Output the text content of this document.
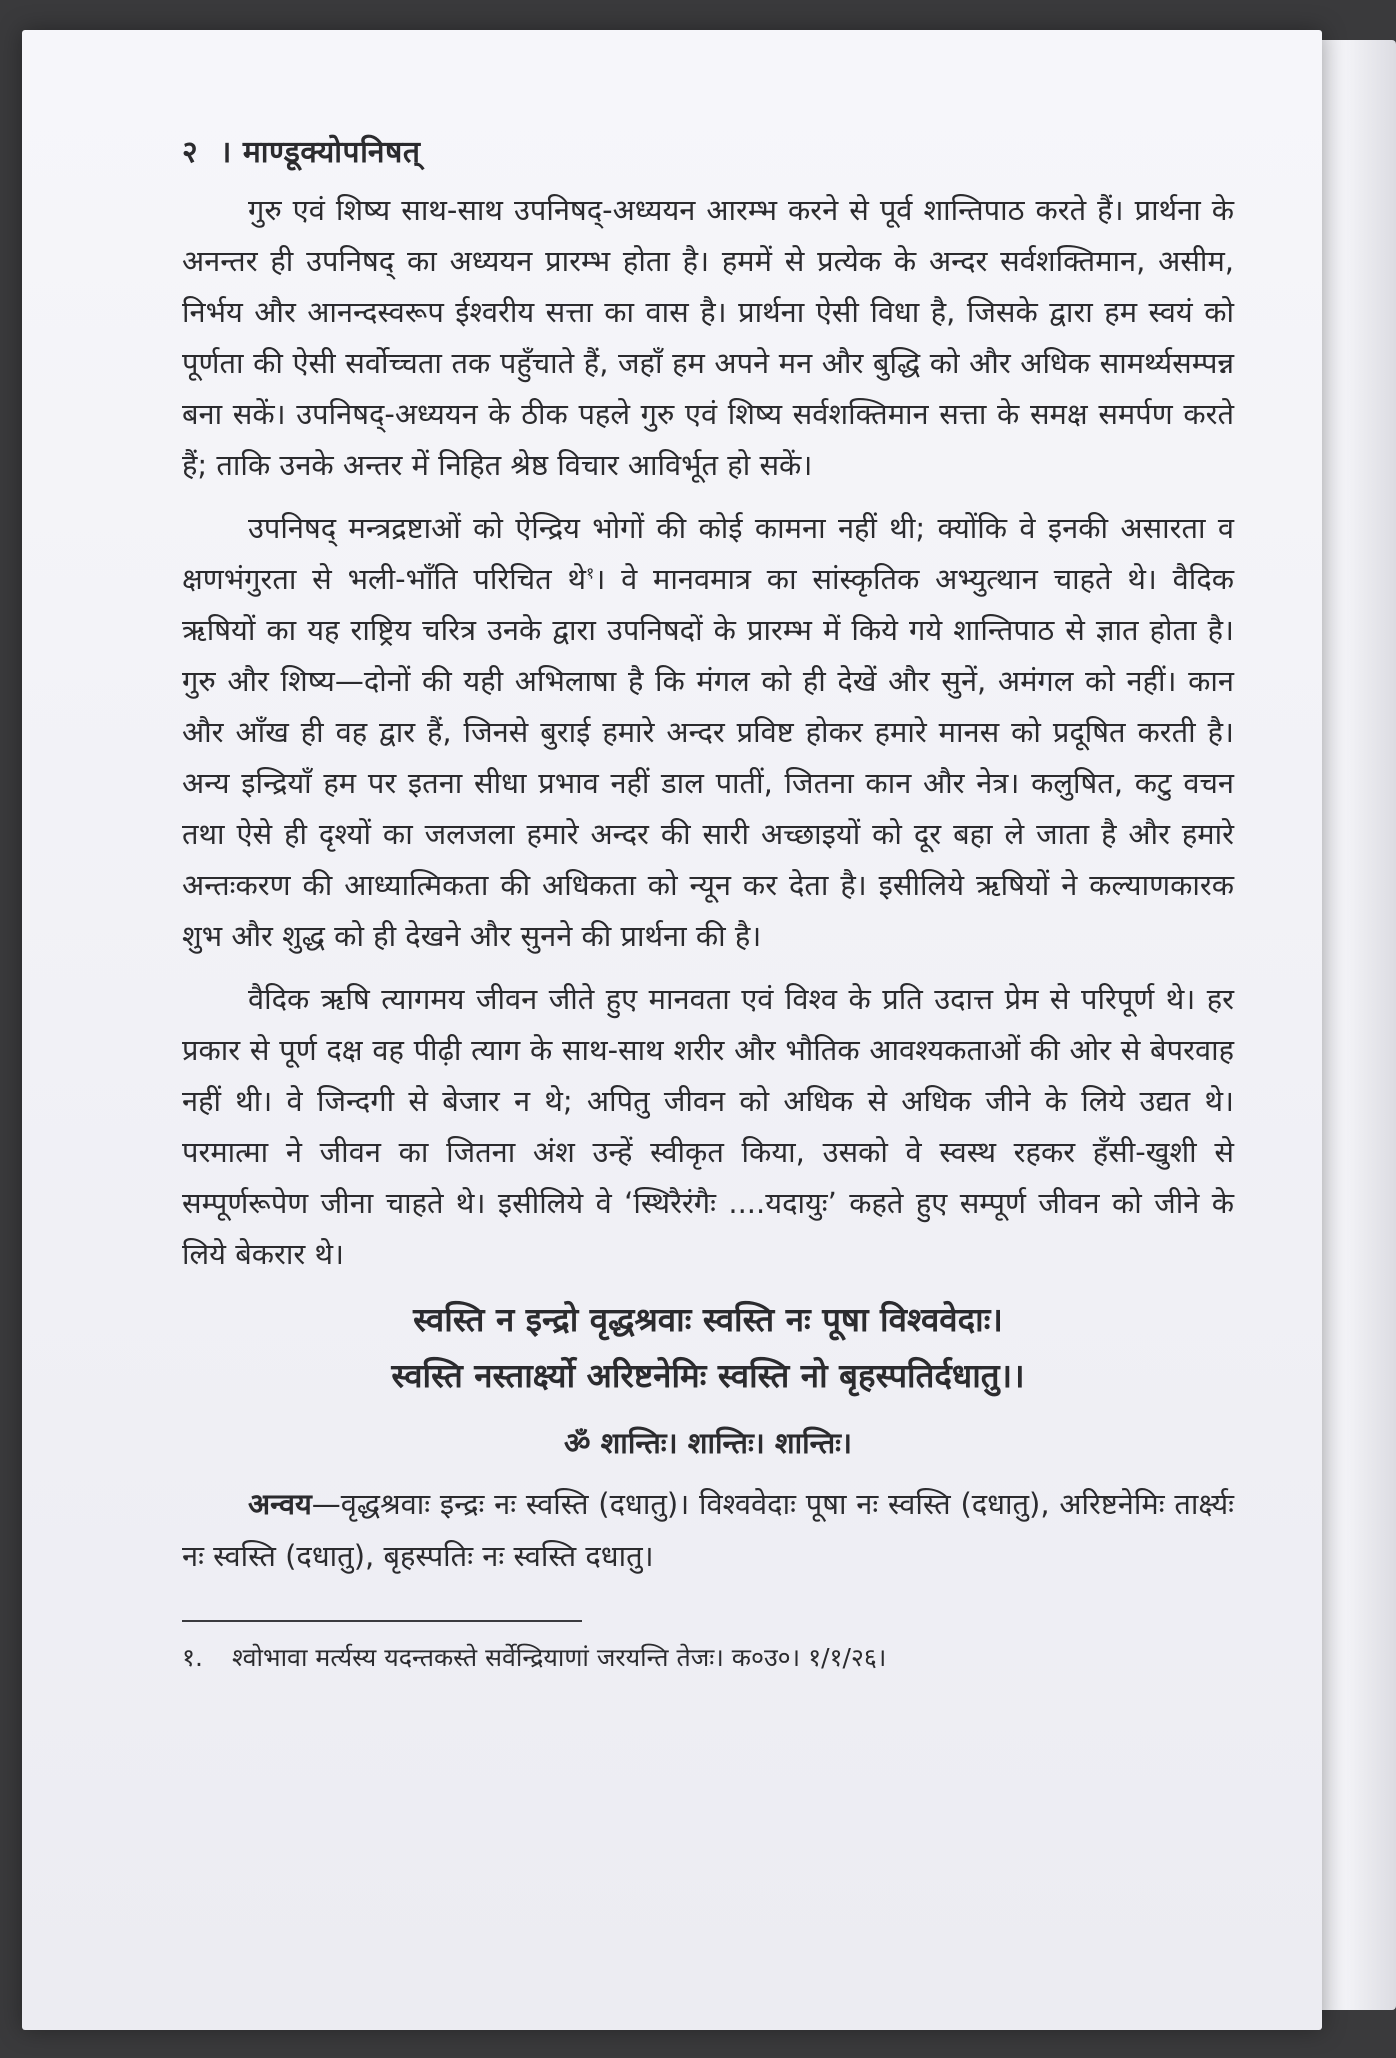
२ । माण्डूक्योपनिषत्

गुरु एवं शिष्य साथ-साथ उपनिषद्-अध्ययन आरम्भ करने से पूर्व शान्तिपाठ करते हैं। प्रार्थना के अनन्तर ही उपनिषद् का अध्ययन प्रारम्भ होता है। हममें से प्रत्येक के अन्दर सर्वशक्तिमान, असीम, निर्भय और आनन्दस्वरूप ईश्वरीय सत्ता का वास है। प्रार्थना ऐसी विधा है, जिसके द्वारा हम स्वयं को पूर्णता की ऐसी सर्वोच्चता तक पहुँचाते हैं, जहाँ हम अपने मन और बुद्धि को और अधिक सामर्थ्यसम्पन्न बना सकें। उपनिषद्-अध्ययन के ठीक पहले गुरु एवं शिष्य सर्वशक्तिमान सत्ता के समक्ष समर्पण करते हैं; ताकि उनके अन्तर में निहित श्रेष्ठ विचार आविर्भूत हो सकें।

उपनिषद् मन्त्रद्रष्टाओं को ऐन्द्रिय भोगों की कोई कामना नहीं थी; क्योंकि वे इनकी असारता व क्षणभंगुरता से भली-भाँति परिचित थे$^१$। वे मानवमात्र का सांस्कृतिक अभ्युत्थान चाहते थे। वैदिक ऋषियों का यह राष्ट्रिय चरित्र उनके द्वारा उपनिषदों के प्रारम्भ में किये गये शान्तिपाठ से ज्ञात होता है। गुरु और शिष्य—दोनों की यही अभिलाषा है कि मंगल को ही देखें और सुनें, अमंगल को नहीं। कान और आँख ही वह द्वार हैं, जिनसे बुराई हमारे अन्दर प्रविष्ट होकर हमारे मानस को प्रदूषित करती है। अन्य इन्द्रियाँ हम पर इतना सीधा प्रभाव नहीं डाल पातीं, जितना कान और नेत्र। कलुषित, कटु वचन तथा ऐसे ही दृश्यों का जलजला हमारे अन्दर की सारी अच्छाइयों को दूर बहा ले जाता है और हमारे अन्तःकरण की आध्यात्मिकता की अधिकता को न्यून कर देता है। इसीलिये ऋषियों ने कल्याणकारक शुभ और शुद्ध को ही देखने और सुनने की प्रार्थना की है।

वैदिक ऋषि त्यागमय जीवन जीते हुए मानवता एवं विश्व के प्रति उदात्त प्रेम से परिपूर्ण थे। हर प्रकार से पूर्ण दक्ष वह पीढ़ी त्याग के साथ-साथ शरीर और भौतिक आवश्यकताओं की ओर से बेपरवाह नहीं थी। वे जिन्दगी से बेजार न थे; अपितु जीवन को अधिक से अधिक जीने के लिये उद्यत थे। परमात्मा ने जीवन का जितना अंश उन्हें स्वीकृत किया, उसको वे स्वस्थ रहकर हँसी-खुशी से सम्पूर्णरूपेण जीना चाहते थे। इसीलिये वे ‘स्थिरैरंगैः ....यदायुः’ कहते हुए सम्पूर्ण जीवन को जीने के लिये बेकरार थे।

स्वस्ति न इन्द्रो वृद्धश्रवाः स्वस्ति नः पूषा विश्ववेदाः।
स्वस्ति नस्तार्क्ष्यो अरिष्टनेमिः स्वस्ति नो बृहस्पतिर्दधातु।।
ॐ शान्तिः। शान्तिः। शान्तिः।

अन्वय—वृद्धश्रवाः इन्द्रः नः स्वस्ति (दधातु)। विश्ववेदाः पूषा नः स्वस्ति (दधातु), अरिष्टनेमिः तार्क्ष्यः नः स्वस्ति (दधातु), बृहस्पतिः नः स्वस्ति दधातु।

१. श्वोभावा मर्त्यस्य यदन्तकस्ते सर्वेन्द्रियाणां जरयन्ति तेजः। क०उ०। १/१/२६।
